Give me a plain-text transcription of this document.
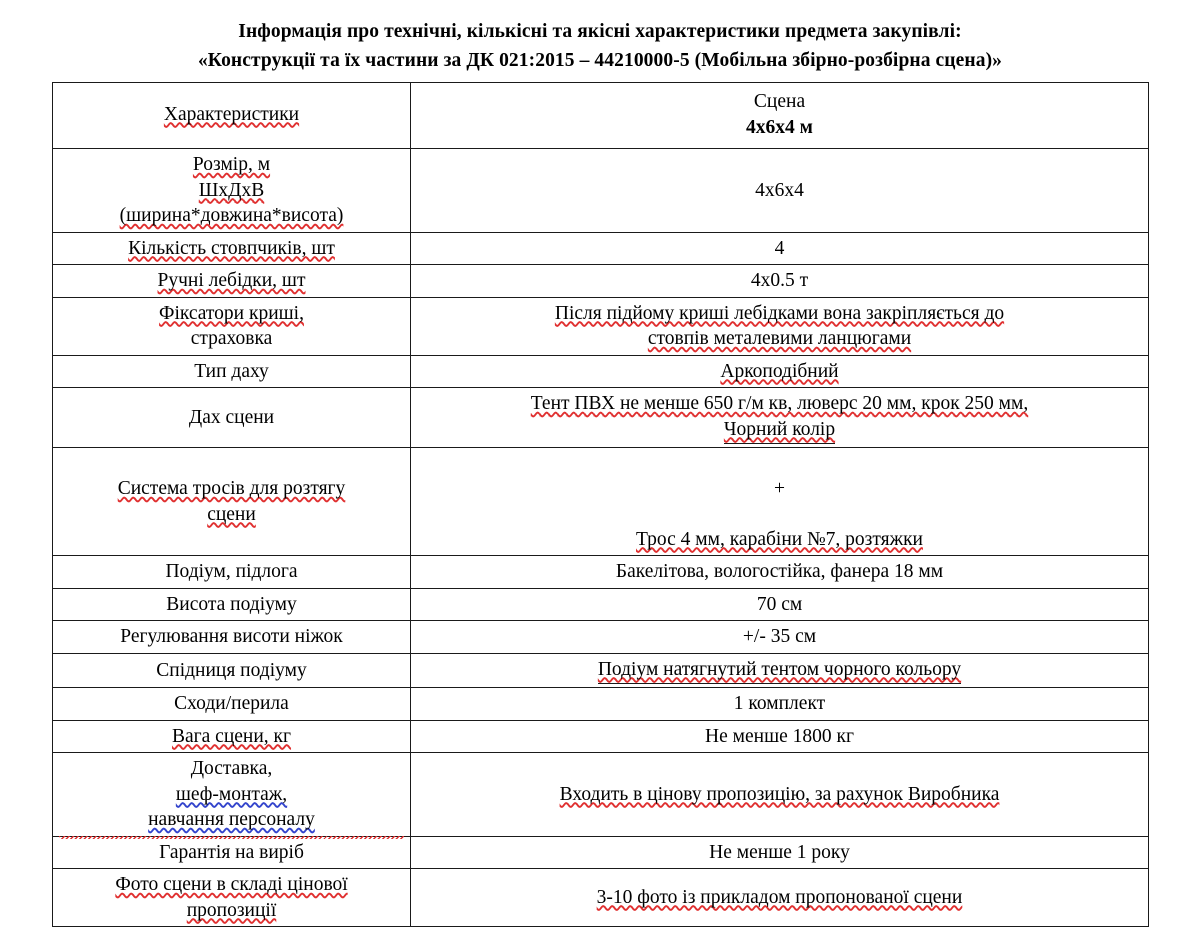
Інформація про технічні, кількісні та якісні характеристики предмета закупівлі:
«Конструкції та їх частини за ДК 021:2015 – 44210000-5 (Мобільна збірно-розбірна сцена)»
Характеристики	Сцена
4х6х4 м

Розмір, м
ШхДхВ
(ширина*довжина*висота)	4х6х4

Кількість стовпчиків, шт	4

Ручні лебідки, шт	4х0.5 т

Фіксатори кришi,
страховка	Після підйому криші лебідками вона закріпляється до
стовпів металевими ланцюгами

Тип даху	Аркоподібний

Дах сцени	Тент ПВХ не менше 650 г/м кв, люверс 20 мм, крок 250 мм,
Чорний колір

Система тросів для розтягу
сцени	+
Трос 4 мм, карабіни №7, розтяжки

Подіум, підлога	Бакелітова, вологостійка, фанера 18 мм

Висота подіуму	70 см

Регулювання висоти ніжок	+/- 35 см

Спідниця подіуму	Подіум натягнутий тентом чорного кольору

Сходи/перила	1 комплект

Вага сцени, кг	Не менше 1800 кг

Доставка,
шеф-монтаж,
навчання персоналу	Входить в цінову пропозицію, за рахунок Виробника

Гарантія на виріб	Не менше 1 року

Фото сцени в складі цінової
пропозиції	3-10 фото із прикладом пропонованої сцени
